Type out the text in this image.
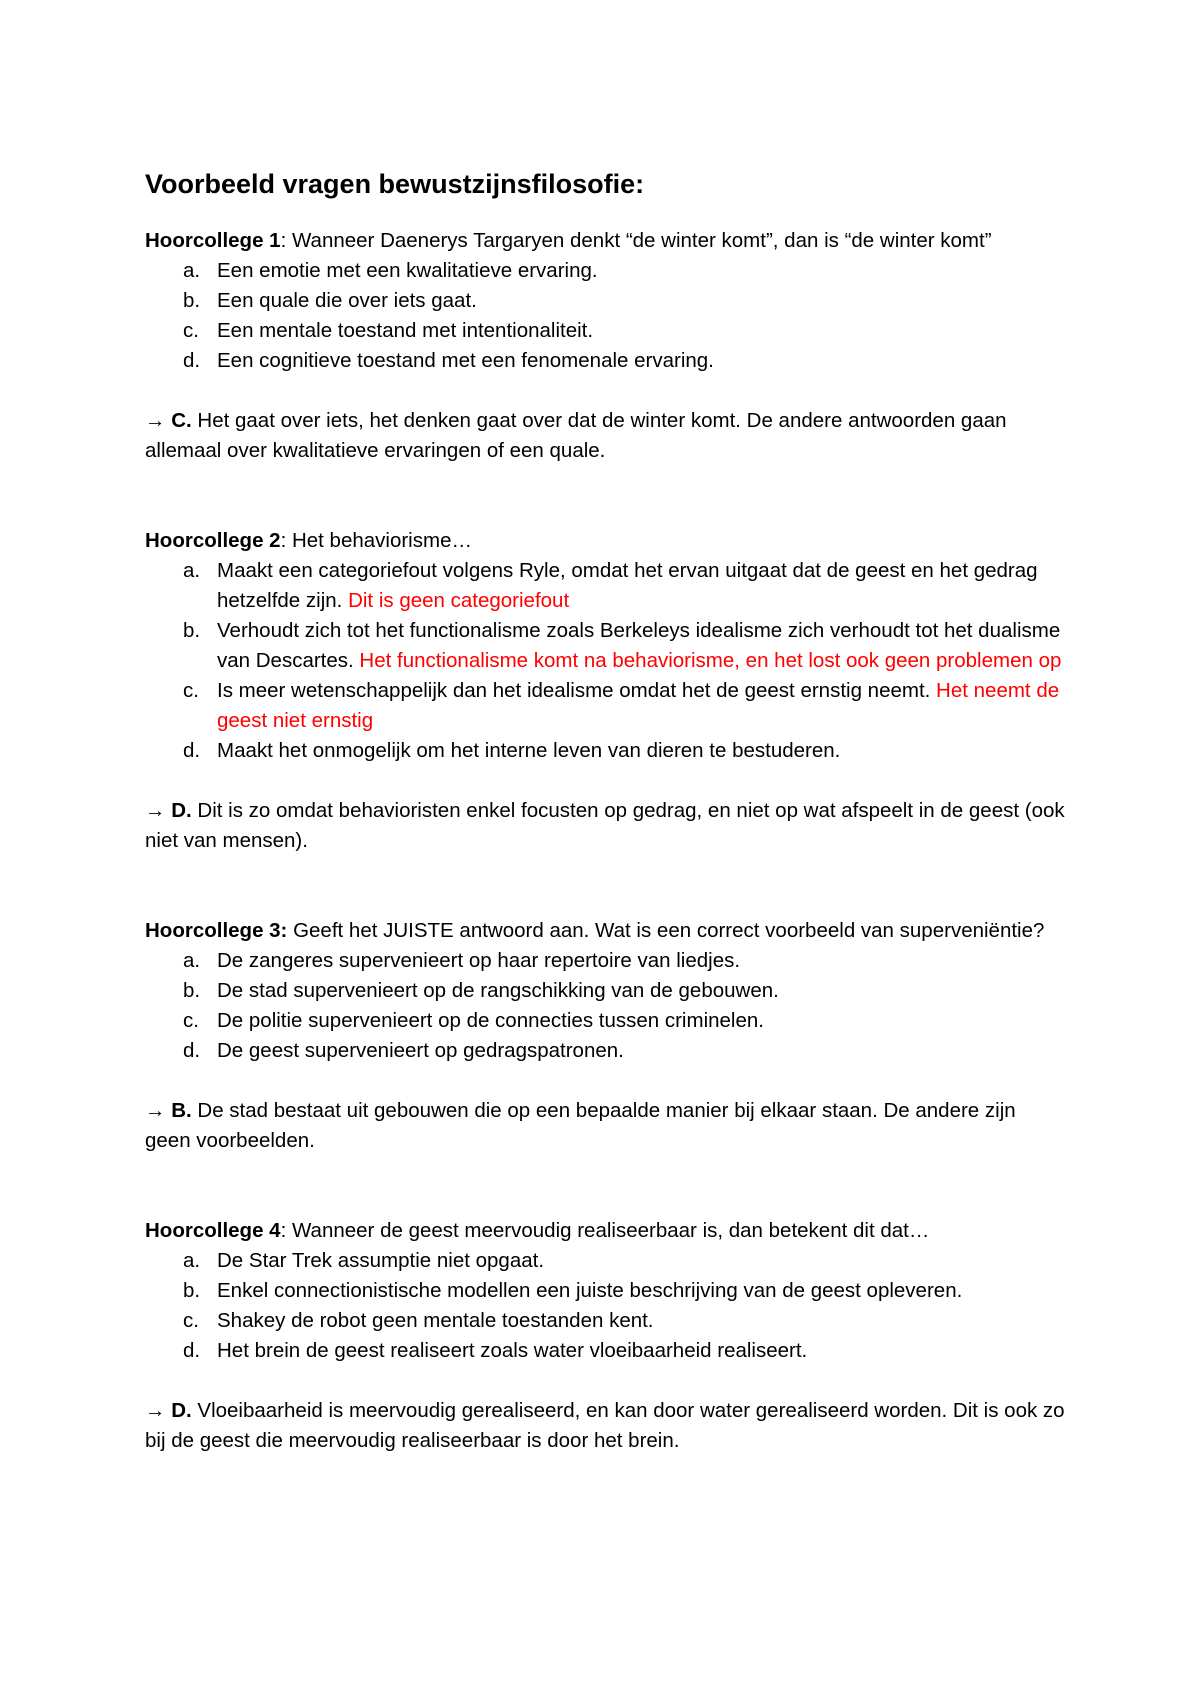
Voorbeeld vragen bewustzijnsfilosofie:

Hoorcollege 1: Wanneer Daenerys Targaryen denkt “de winter komt”, dan is “de winter komt”

a. Een emotie met een kwalitatieve ervaring.
b. Een quale die over iets gaat.
c. Een mentale toestand met intentionaliteit.
d. Een cognitieve toestand met een fenomenale ervaring.

→ C. Het gaat over iets, het denken gaat over dat de winter komt. De andere antwoorden gaan allemaal over kwalitatieve ervaringen of een quale.

Hoorcollege 2: Het behaviorisme…

a. Maakt een categoriefout volgens Ryle, omdat het ervan uitgaat dat de geest en het gedrag hetzelfde zijn. Dit is geen categoriefout
b. Verhoudt zich tot het functionalisme zoals Berkeleys idealisme zich verhoudt tot het dualisme van Descartes. Het functionalisme komt na behaviorisme, en het lost ook geen problemen op
c. Is meer wetenschappelijk dan het idealisme omdat het de geest ernstig neemt. Het neemt de geest niet ernstig
d. Maakt het onmogelijk om het interne leven van dieren te bestuderen.

→ D. Dit is zo omdat behavioristen enkel focusten op gedrag, en niet op wat afspeelt in de geest (ook niet van mensen).

Hoorcollege 3: Geeft het JUISTE antwoord aan. Wat is een correct voorbeeld van superveniëntie?

a. De zangeres supervenieert op haar repertoire van liedjes.
b. De stad supervenieert op de rangschikking van de gebouwen.
c. De politie supervenieert op de connecties tussen criminelen.
d. De geest supervenieert op gedragspatronen.

→ B. De stad bestaat uit gebouwen die op een bepaalde manier bij elkaar staan. De andere zijn geen voorbeelden.

Hoorcollege 4: Wanneer de geest meervoudig realiseerbaar is, dan betekent dit dat…

a. De Star Trek assumptie niet opgaat.
b. Enkel connectionistische modellen een juiste beschrijving van de geest opleveren.
c. Shakey de robot geen mentale toestanden kent.
d. Het brein de geest realiseert zoals water vloeibaarheid realiseert.

→ D. Vloeibaarheid is meervoudig gerealiseerd, en kan door water gerealiseerd worden. Dit is ook zo bij de geest die meervoudig realiseerbaar is door het brein.
